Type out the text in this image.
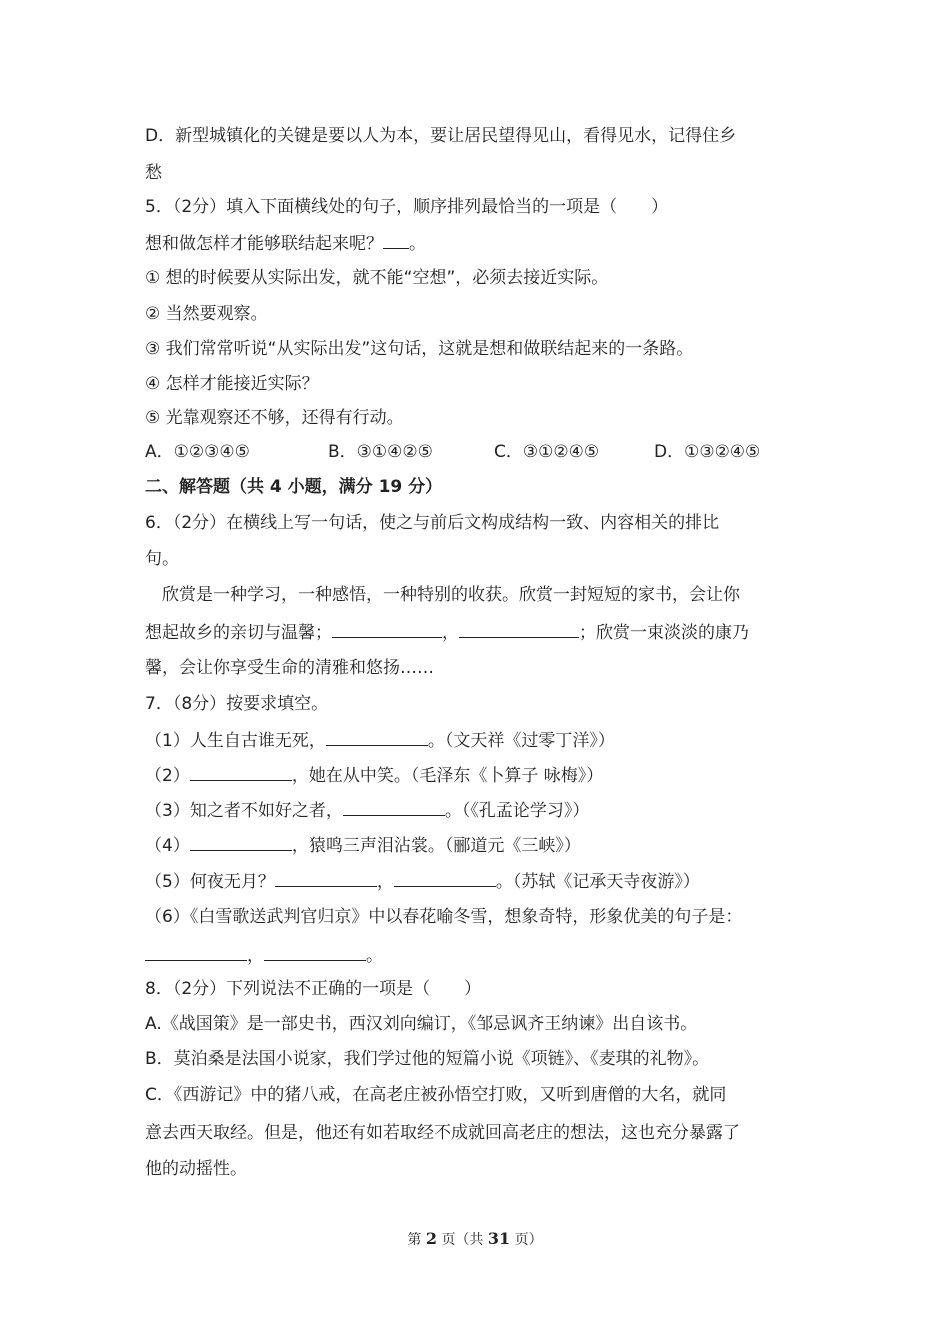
D．新型城镇化的关键是要以人为本，要让居民望得见山，看得见水，记得住乡
愁
5．（2分）填入下面横线处的句子，顺序排列最恰当的一项是（　　）
想和做怎样才能够联结起来呢？ 。
① 想的时候要从实际出发，就不能“空想”，必须去接近实际。
② 当然要观察。
③ 我们常常听说“从实际出发”这句话，这就是想和做联结起来的一条路。
④ 怎样才能接近实际？
⑤ 光靠观察还不够，还得有行动。
A．①②③④⑤	B．③①④②⑤	C．③①②④⑤	D．①③②④⑤
二、解答题（共 4 小题，满分 19 分）
6．（2分）在横线上写一句话，使之与前后文构成结构一致、内容相关的排比
句。
欣赏是一种学习，一种感悟，一种特别的收获。欣赏一封短短的家书，会让你
想起故乡的亲切与温馨；	，	；欣赏一束淡淡的康乃
馨，会让你享受生命的清雅和悠扬……
7．（8分）按要求填空。
（1）人生自古谁无死，	。（文天祥《过零丁洋》）
（2）	，她在从中笑。（毛泽东《卜算子 咏梅》）
（3）知之者不如好之者，	。（《孔孟论学习》）
（4）	，猿鸣三声泪沾裳。（郦道元《三峡》）
（5）何夜无月？	，	。（苏轼《记承天寺夜游》）
（6）《白雪歌送武判官归京》中以春花喻冬雪，想象奇特，形象优美的句子是：
，	。
8．（2分）下列说法不正确的一项是（　　）
A.《战国策》是一部史书，西汉刘向编订，《邹忌讽齐王纳谏》出自该书。
B．莫泊桑是法国小说家，我们学过他的短篇小说《项链》、《麦琪的礼物》。
C．《西游记》中的猪八戒，在高老庄被孙悟空打败，又听到唐僧的大名，就同
意去西天取经。但是，他还有如若取经不成就回高老庄的想法，这也充分暴露了
他的动摇性。
第 2 页（共 31 页）
